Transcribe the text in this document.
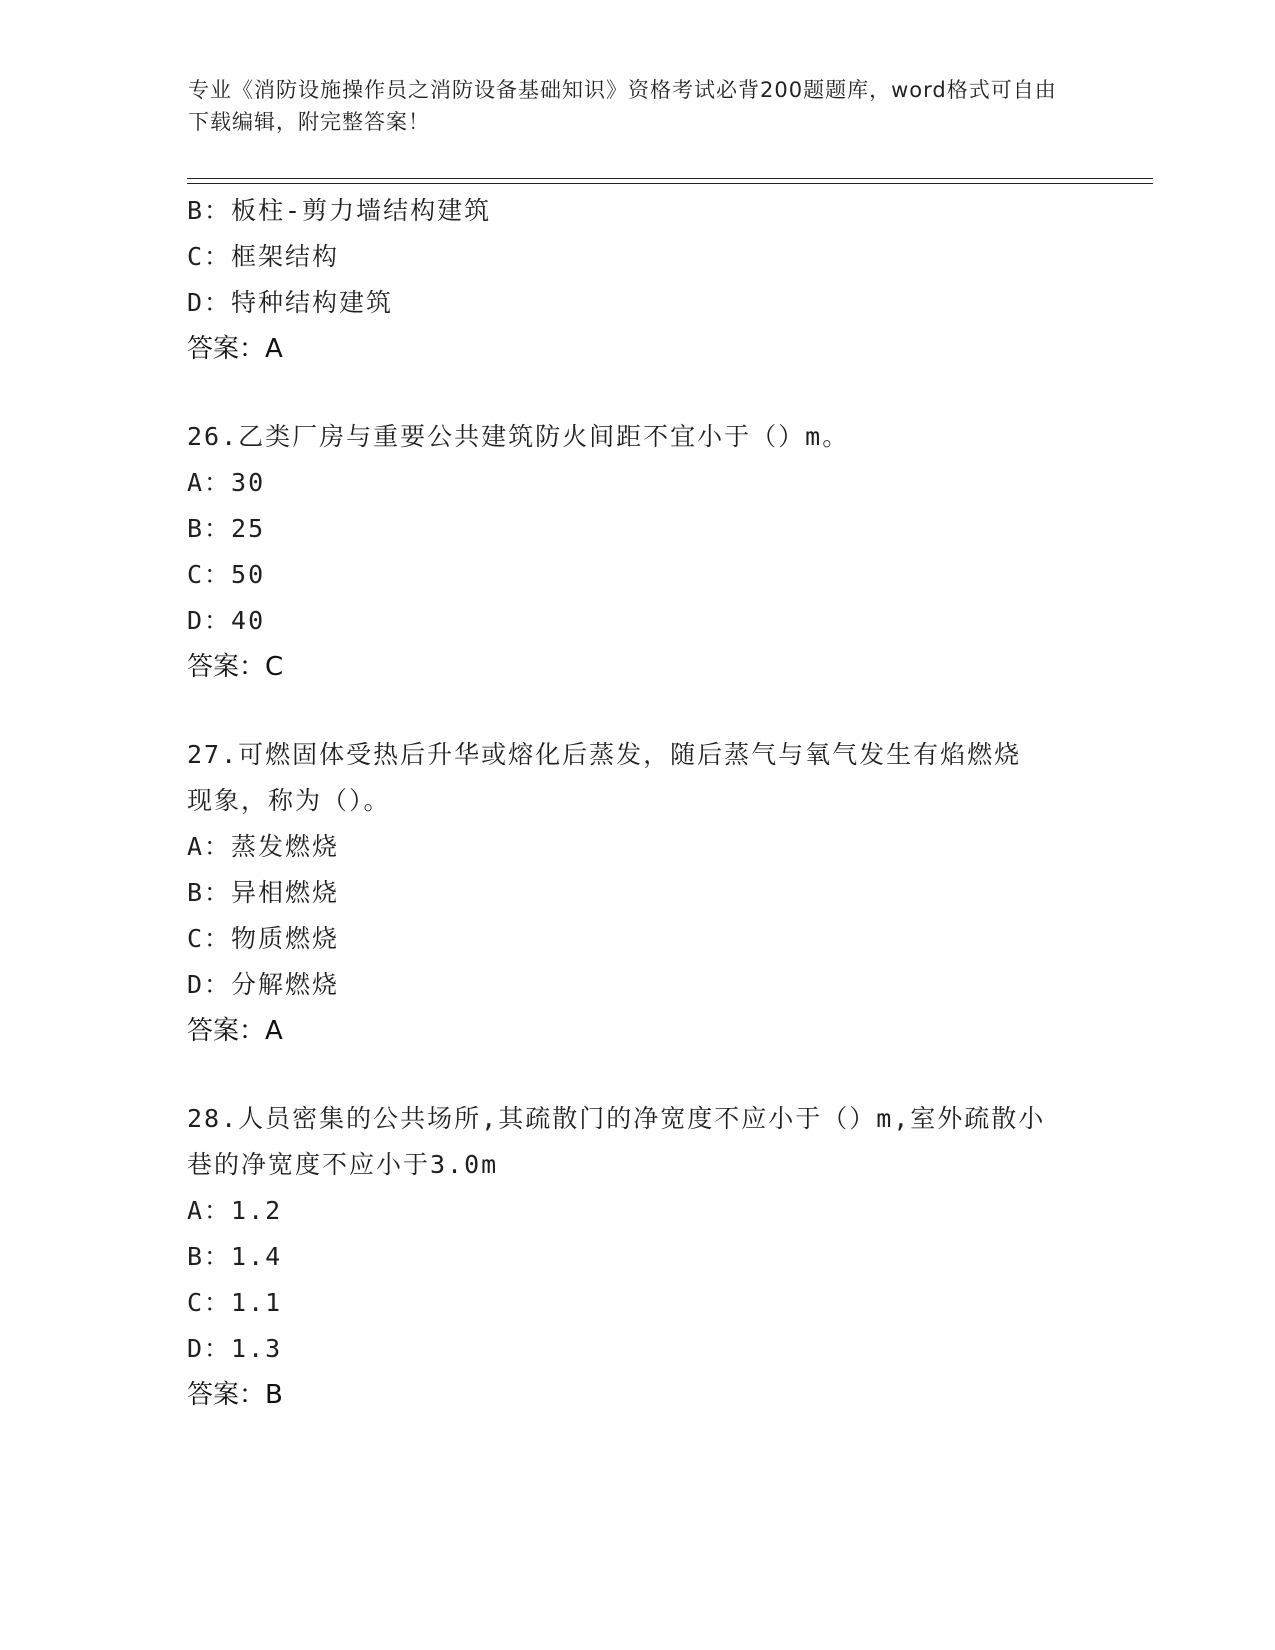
专业《消防设施操作员之消防设备基础知识》资格考试必背200题题库，word格式可自由下载编辑，附完整答案！
B：板柱-剪力墙结构建筑
C：框架结构
D：特种结构建筑
答案：A
26.乙类厂房与重要公共建筑防火间距不宜小于（）m。
A：30
B：25
C：50
D：40
答案：C
27.可燃固体受热后升华或熔化后蒸发，随后蒸气与氧气发生有焰燃烧现象，称为（）。
A：蒸发燃烧
B：异相燃烧
C：物质燃烧
D：分解燃烧
答案：A
28.人员密集的公共场所,其疏散门的净宽度不应小于（）m,室外疏散小巷的净宽度不应小于3.0m
A：1.2
B：1.4
C：1.1
D：1.3
答案：B
